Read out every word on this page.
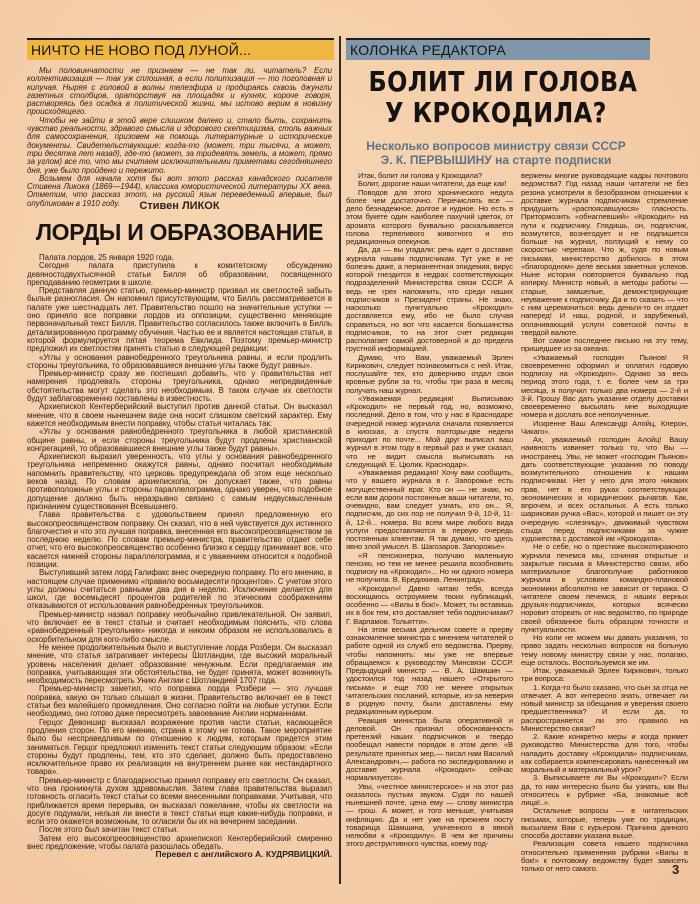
НИЧТО НЕ НОВО ПОД ЛУНОЙ...	КОЛОНКА РЕДАКТОРА

Мы половинчатости не признаем — не так ли, читатель? Если коллективизация — так уж сплошная, а если политизация — то поголовная и кипучая. Ныряя с головой в волны телеэфира и продираясь сквозь джунгли газетных столбцов, ораторствуя на площадях и кухнях, короче говоря, растворяясь без осадка в политической жизни, мы истово верим в новизну происходящего.

Чтобы не зайти в этой вере слишком далеко и, стало быть, сохранить чувство реальности, здравого смысла и здорового скептицизма, столь важных для самосохранения, призовем на помощь литературные и исторические документы. Свидетельствующие: когда-то (может, три тысячи, а может, три десятка лет назад), где-то (может, за тридевять земель, а может, прямо за углом) все то, что мы считаем исключительными приметами сегодняшнего дня, уже было пройдено и пережито.

Возьмем для начала хотя бы вот этот рассказ канадского писателя Стивена Ликока (1869—1944), классика юмористической литературы XX века. Отметим, что рассказ этот, на русский язык переведенный впервые, был опубликован в 1910 году.	Стивен ЛИКОК
ЛОРДЫ И ОБРАЗОВАНИЕ

Палата лордов, 25 января 1920 года.

Сегодня палата приступила к комитетскому обсуждению девяностодвухтысячной статьи Билля об образовании, посвященного преподаванию геометрии в школе.

Представляя данную статью, премьер-министр призвал их светлостей забыть былые разногласия. Он напомнил присутствующим, что Билль рассматривается в палате уже шестнадцать лет. Правительство пошло на значительные уступки — оно приняло все поправки лордов из оппозиции, существенно меняющие первоначальный текст Билля. Правительство согласилось также включить в Билль детализированную программу обучения. Частью ее и является настоящая статья, в которой формулируется пятая теорема Евклида. Поэтому премьер-министр предложил их светлостям принять статью в следующей редакции:

«Углы у основания равнобедренного треугольника равны, и если продлить стороны треугольника, то образовавшиеся внешние углы также будут равны».

Премьер-министр сразу же поспешил добавить, что у правительства нет намерения продлевать стороны треугольника, однако непредвиденные обстоятельства могут сделать это необходимым. В таком случае их светлости будут заблаговременно поставлены в известность.

Архиепископ Кентерберийский выступил против данной статьи. Он высказал мнение, что в своем нынешнем виде она носит слишком светский характер. Ему кажется необходимым внести поправку, чтобы статья читалась так:

«Углы у основания равнобедренного треугольника в любой христианской общине равны, и если стороны треугольника будут продлены христианской конгрегацией, то образовавшиеся внешние углы также будут равны».

Архиепископ выразил уверенность, что углы у основания равнобедренного треугольника непременно окажутся равны, однако посчитал необходимым напомнить правительству, что церковь предупреждала об этом еще несколько веков назад. По словам архиепископа, он допускает также, что равны противоположные углы и стороны параллелограмма, однако уверен, что подобное допущение должно быть неразрывно связано с самым недвусмысленным признанием существования Всевышнего.

Глава правительства с удовольствием принял предложенную его высокопреосвященством поправку. Он сказал, что в ней чувствуется дух истинного благочестия и что это лучшая поправка, внесенная его высокопреосвященством за последнюю неделю. По словам премьер-министра, правительство отдает себе отчет, что его высокопреосвященство особенно близко к сердцу принимает все, что касается нижней стороны параллелограмма, и с уважением относится к подобной позиции.

Выступивший затем лорд Галифакс внес очередную поправку. По его мнению, в настоящем случае применимо «правило восьмидесяти процентов». С учетом этого углы должны считаться равными два дня в неделю. Исключение делается для школ, где восемьдесят процентов родителей по этическим соображениям отказываются от использования равнобедренных треугольников.

Премьер-министр назвал поправку необычайно привлекательной. Он заявил, что включает ее в текст статьи и считает необходимым пояснить, что слова «равнобедренный треугольник» никогда и никоим образом не использовались в оскорбительном для кого-либо смысле.

Не менее продолжительным было и выступление лорда Розбери. Он высказал мнение, что статья затрагивает интересы Шотландии, где высокий моральный уровень населения делает образование ненужным. Если предлагаемая им поправка, учитывающая эти обстоятельства, не будет принята, может возникнуть необходимость пересмотреть Унию Англии с Шотландией 1707 года.

Премьер-министр заметил, что поправка лорда Розбери — это лучшая поправка, какую он только слышал в жизни. Правительство включает ее в текст статьи без малейшего промедления. Оно согласно пойти на любые уступки. Если необходимо, оно готово даже пересмотреть завоевание Англии норманнами.

Герцог Девоншир высказал возражение против части статьи, касающейся продления сторон. По его мнению, страна к этому не готова. Такое мероприятие было бы несправедливым по отношению к людям, которым придется этим заниматься. Герцог предложил изменить текст статьи следующим образом: «Если стороны будут продлены, тем, кто это сделает, должно быть предоставлено исключительное право их реализации на внутреннем рынке как нестандартного товара».

Премьер-министр с благодарностью принял поправку его светлости. Он сказал, что она проникнута духом здравомыслия. Затем глава правительства выразил готовность огласить текст статьи со всеми внесенными поправками. Учитывая, что приближается время перерыва, он высказал пожелание, чтобы их светлости на досуге подумали, нельзя ли внести в текст статьи еще какие-нибудь поправки, и если это окажется возможным, то огласили бы их на вечернем заседании.

После этого был зачитан текст статьи.

Затем его высокопреосвященство архиепископ Кентерберийский смиренно внес предложение, чтобы палата разошлась обедать.

Перевел с английского А. КУДРЯВИЦКИЙ.
БОЛИТ ЛИ ГОЛОВА
У КРОКОДИЛА?
Несколько вопросов министру связи СССР
Э. К. ПЕРВЫШИНУ на старте подписки

Итак, болит ли голова у Крокодила?

Болит, дорогие наши читатели, да еще как!

Поводов для этого хронического недуга более чем достаточно. Перечислять все — дело безнадежное, долгое и нудное. Но есть в этом букете один наиболее пахучий цветок, от аромата которого буквально раскалывается голова терпеливого животного и его редакционных опекунов.

Да, да — вы угадали: речь идет о доставке журнала нашим подписчикам. Тут уже и не болезнь даже, а перманентная эпидемия, вирус которой гнездится в недрах соответствующих подразделений Министерства связи СССР. А ведь не грех напомнить, что среди наших подписчиков и Президент страны. Не знаю, насколько пунктуально «Крокодил» доставляется ему, ибо не было случая справиться, но вот что касается большинства подписчиков, то на этот счет редакция располагает самой достоверной и до предела грустной информацией.

Думаю, что Вам, уважаемый Эрлен Кирикович, следует познакомиться с ней. Итак, послушайте тех, кто доверчиво отдал свои кровные рубли за то, чтобы три раза в месяц получать наш журнал.

«Уважаемая редакция! Выписываю «Крокодил» не первый год, но, возможно, последний. Дело в том, что у нас в Краснодаре очередной номер журнала сначала появляется в киосках, а спустя полторы-две недели приходит по почте... Мой друг выписал ваш журнал в этом году в первый раз и уже сказал, что не видит смысла выписывать на следующий. Е. Цюлик. Краснодар».

«Уважаемая редакция! Хочу вам сообщить, что у вашего журнала в г. Запорожье есть могущественный враг. Кто он — не знаю, но если вам дороги постоянные ваши читатели, то, очевидно, вам следует узнать, кто он... Я, подписчик, до сих пор не получил 9-й, 10-й, 11-й, 12-й... номера. Во всем мире любого вида услуги предоставляются в первую очередь постоянным клиентам. Я так думаю, что здесь явно злой умысел. В. Шагозаров. Запорожье».

«Я пенсионерка, получаю маленькую пенсию, но тем не менее решила возобновить подписку на «Крокодил»... Но ни одного номера не получила. В. Бредихина. Ленинград».

«Крокодил»! Давно читаю тебя, всегда восхищаюсь остроумием твоих публикаций, особенно — «Вилы в бок!». Может, ты вставишь их в бок тем, кто доставляет тебя подписчикам? Г. Варламов. Тольятти».

На этом весьма дельном совете я прерву ознакомление министра с мнением читателей о работе одной из служб его ведомства. Прерву, чтобы напомнить: мы уже не впервые обращаемся к руководству Минсвязи СССР. Предыдущий министр — В. А. Шамшин — удостоился год назад нашего «Открытого письма» и еще 700 не менее открытых читательских посланий, которые, из-за неверия в родную почту, были доставлены ему редакционным курьером.

Реакция министра была оперативной и деловой. Он признал обоснованность претензий наших подписчиков и твердо пообещал навести порядок в этом деле. «В результате принятых мер,— писал нам Василий Александрович,— работа по экспедированию и доставке журнала «Крокодил» сейчас нормализуется».

Увы, «честное министерское» и на этот раз оказалось пустым звуком. Судя по нашей нынешней почте, цена ему — слову министра — грош. А может, и того меньше, учитывая инфляцию. Да и нет уже на прежнем посту товарища Шамшина, уличенного в явной нелюбви к «Крокодилу». В чем же причины этого деструктивного чувства, коему под-

вержены многие руководящие кадры почтового ведомства? Год назад наши читатели не без резона усмотрели в безобразном отношении к доставке журнала подписчикам стремление придушить «распоясавшуюся» гласность. Притормозить «обнаглевший» «Крокодил» на пути к подписчику. Глядишь, он, подписчик, возмутится, вознегодует и не подпишется больше на журнал, ползущий к нему со скоростью черепахи. Что ж, судя по новым письмам, министерство добилось в этом «благородном» деле весьма заметных успехов. Ныне история повторяется буквально под копирку. Министр новый, а методы работы — старые, замшелые, демонстрирующие неуважение к подписчику. Да и то сказать — что с ним церемониться: ведь деньги-то он отдает наперед! И наш, родной, и зарубежный, оплачивающий услуги советской почты в твердой валюте.

Вот самое последнее письмо на эту тему, пришедшее из-за океана:

«Уважаемый господин Пьянов! Я своевременно оформил и оплатил годовую подписку на «Крокодил». Однако за весь период этого года, т. е. более чем за три месяца, я получил только два номера — 2-й и 3-й. Прошу Вас дать указание отделу доставки своевременно высылать мне выходящие номера и дослать все неполученные.

Искренне Ваш Александр Алойц, Клерон, Чикаго».

Ах, уважаемый господин Алойц! Вашу наивность извиняет только то, что Вы — иностранец. Увы, не может «господин Пьянов» дать соответствующие указания по поводу возмутительного отношения к нашим подписчикам. Нет у него для этого никаких прав, нет в его руках соответствующих экономических и юридических рычагов. Как, впрочем, и всех остальных. А есть только шариковая ручка «Вас», которой и пишет он эту очередную «слезницу», движимый чувством стыда перед подписчиками за чужие художества с доставкой им «Крокодила».

Не о себе, но о престиже высокотиражного журнала печемся мы, сочиняя открытые и закрытые письма в Министерство связи, ибо материальное благополучие работников журнала в условиях командно-плановой экономики абсолютно не зависит от тиража. О читателе своем печемся, о наших верных друзьях-подписчиках, которых всячески норовит оторвать от нас ведомство, по природе своей обязанное быть образцом точности и пунктуальности.

Но коли не можем мы давать указания, то право задать несколько вопросов на больную тему новому министру связи у нас, полагаю, еще осталось. Воспользуемся же им.

Итак, уважаемый Эрлен Кирикович, только три вопроса:

1. Когда-то было сказано, что сын за отца не отвечает. А вот интересно знать, отвечает ли новый министр за обещания и уверения своего предшественника? И если да, то распространяется ли это правило на Министерство связи?

2. Какие конкретно меры и когда примет руководство Министерства для того, чтобы наладить доставку «Крокодила» подписчикам, как собирается компенсировать нанесенный им моральный и материальный урон?

3. Выписываете ли Вы «Крокодил»? Если да, то нам интересно было бы узнать, как Вы относитесь к рубрике «Ба, знакомые всё лица!..».

Остальные вопросы — в читательских письмах, которые, теперь уже по традиции, высылаем Вам с курьером. Причина данного способа доставки указана выше.

Реализация совета нашего подписчика относительно применения рубрики «Вилы в бок!» к почтовому ведомству будет зависеть только от него самого.	3
